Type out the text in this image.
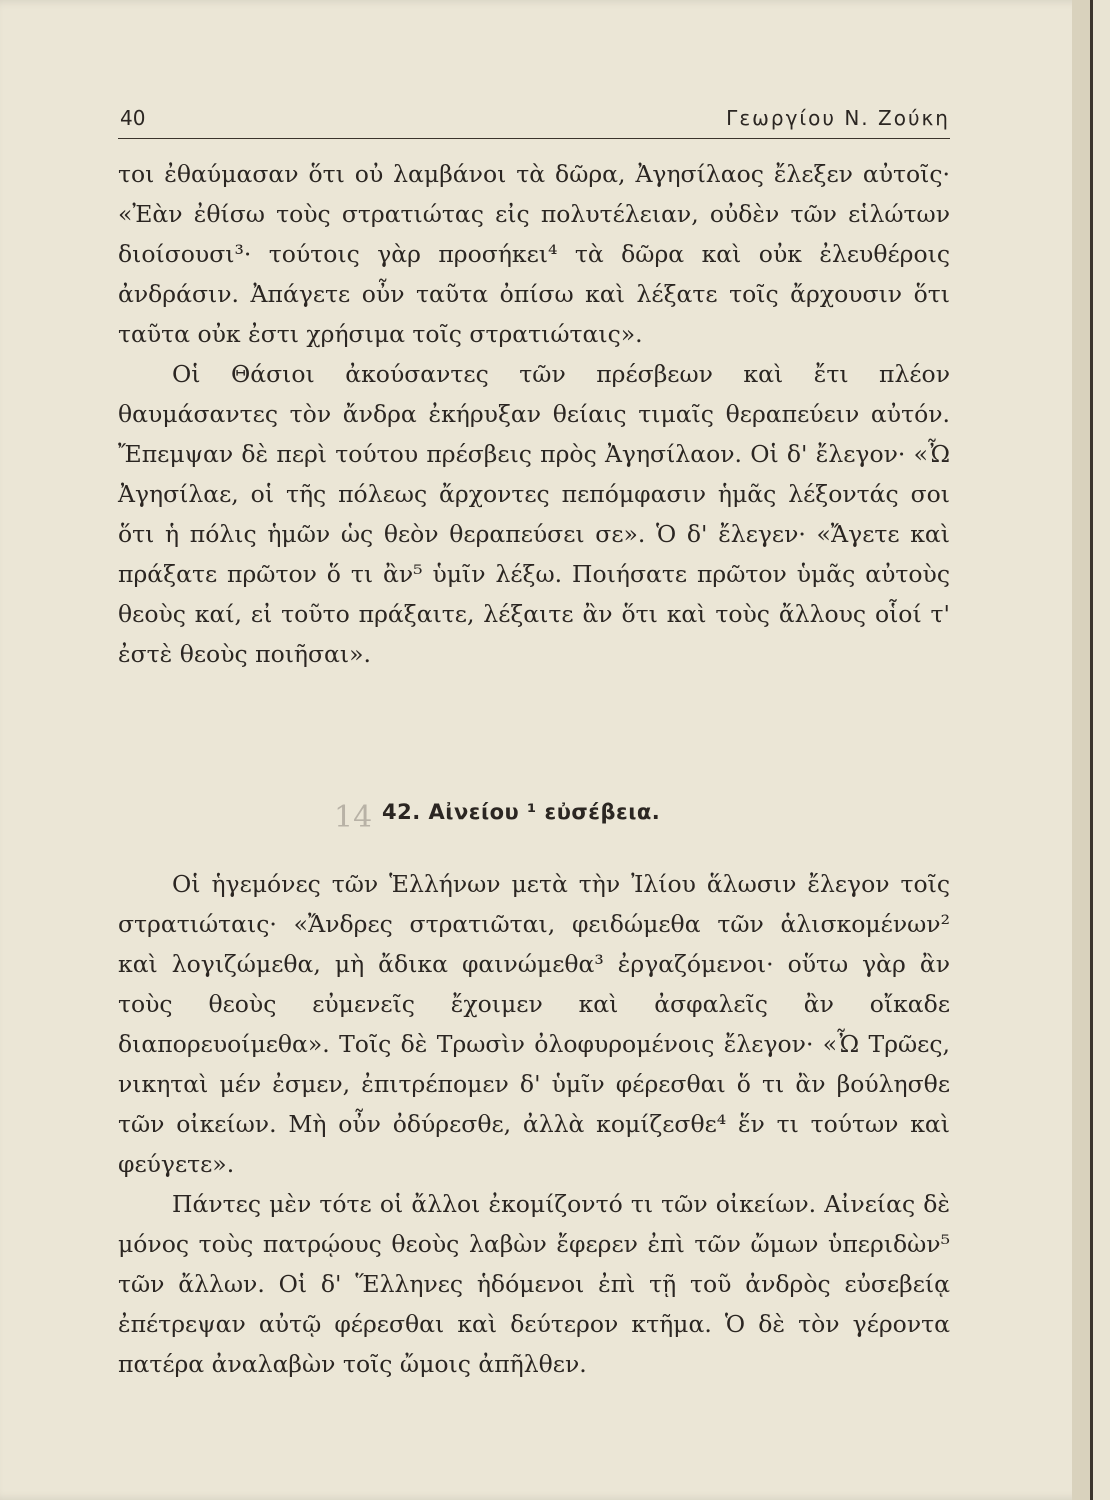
40	Γεωργίου Ν. Ζούκη

τοι ἐθαύμασαν ὅτι οὐ λαμβάνοι τὰ δῶρα, Ἀγησίλαος ἔλεξεν αὐτοῖς· «Ἐὰν ἐθίσω τοὺς στρατιώτας εἰς πολυτέλειαν, οὐδὲν τῶν εἱλώτων διοίσουσι³· τούτοις γὰρ προσήκει⁴ τὰ δῶρα καὶ οὐκ ἐλευθέροις ἀνδράσιν. Ἀπάγετε οὖν ταῦτα ὀπίσω καὶ λέξατε τοῖς ἄρχουσιν ὅτι ταῦτα οὐκ ἐστι χρήσιμα τοῖς στρατιώταις».

Οἱ Θάσιοι ἀκούσαντες τῶν πρέσβεων καὶ ἔτι πλέον θαυμάσαντες τὸν ἄνδρα ἐκήρυξαν θείαις τιμαῖς θεραπεύειν αὐτόν. Ἔπεμψαν δὲ περὶ τούτου πρέσβεις πρὸς Ἀγησίλαον. Οἱ δ' ἔλεγον· «Ὦ Ἀγησίλαε, οἱ τῆς πόλεως ἄρχοντες πεπόμφασιν ἡμᾶς λέξοντάς σοι ὅτι ἡ πόλις ἡμῶν ὡς θεὸν θεραπεύσει σε». Ὁ δ' ἔλεγεν· «Ἄγετε καὶ πράξατε πρῶτον ὅ τι ἂν⁵ ὑμῖν λέξω. Ποιήσατε πρῶτον ὑμᾶς αὐτοὺς θεοὺς καί, εἰ τοῦτο πράξαιτε, λέξαιτε ἂν ὅτι καὶ τοὺς ἄλλους οἷοί τ' ἐστὲ θεοὺς ποιῆσαι».

14 42. Αἰνείου ¹ εὐσέβεια.

Οἱ ἡγεμόνες τῶν Ἑλλήνων μετὰ τὴν Ἰλίου ἅλωσιν ἔλεγον τοῖς στρατιώταις· «Ἄνδρες στρατιῶται, φειδώμεθα τῶν ἁλισκομένων² καὶ λογιζώμεθα, μὴ ἄδικα φαινώμεθα³ ἐργαζόμενοι· οὕτω γὰρ ἂν τοὺς θεοὺς εὐμενεῖς ἔχοιμεν καὶ ἀσφαλεῖς ἂν οἴκαδε διαπορευοίμεθα». Τοῖς δὲ Τρωσὶν ὀλοφυρομένοις ἔλεγον· «Ὦ Τρῶες, νικηταὶ μέν ἐσμεν, ἐπιτρέπομεν δ' ὑμῖν φέρεσθαι ὅ τι ἂν βούλησθε τῶν οἰκείων. Μὴ οὖν ὀδύρεσθε, ἀλλὰ κομίζεσθε⁴ ἕν τι τούτων καὶ φεύγετε».

Πάντες μὲν τότε οἱ ἄλλοι ἐκομίζοντό τι τῶν οἰκείων. Αἰνείας δὲ μόνος τοὺς πατρῴους θεοὺς λαβὼν ἔφερεν ἐπὶ τῶν ὤμων ὑπεριδὼν⁵ τῶν ἄλλων. Οἱ δ' Ἕλληνες ἡδόμενοι ἐπὶ τῇ τοῦ ἀνδρὸς εὐσεβείᾳ ἐπέτρεψαν αὐτῷ φέρεσθαι καὶ δεύτερον κτῆμα. Ὁ δὲ τὸν γέροντα πατέρα ἀναλαβὼν τοῖς ὤμοις ἀπῆλθεν.
